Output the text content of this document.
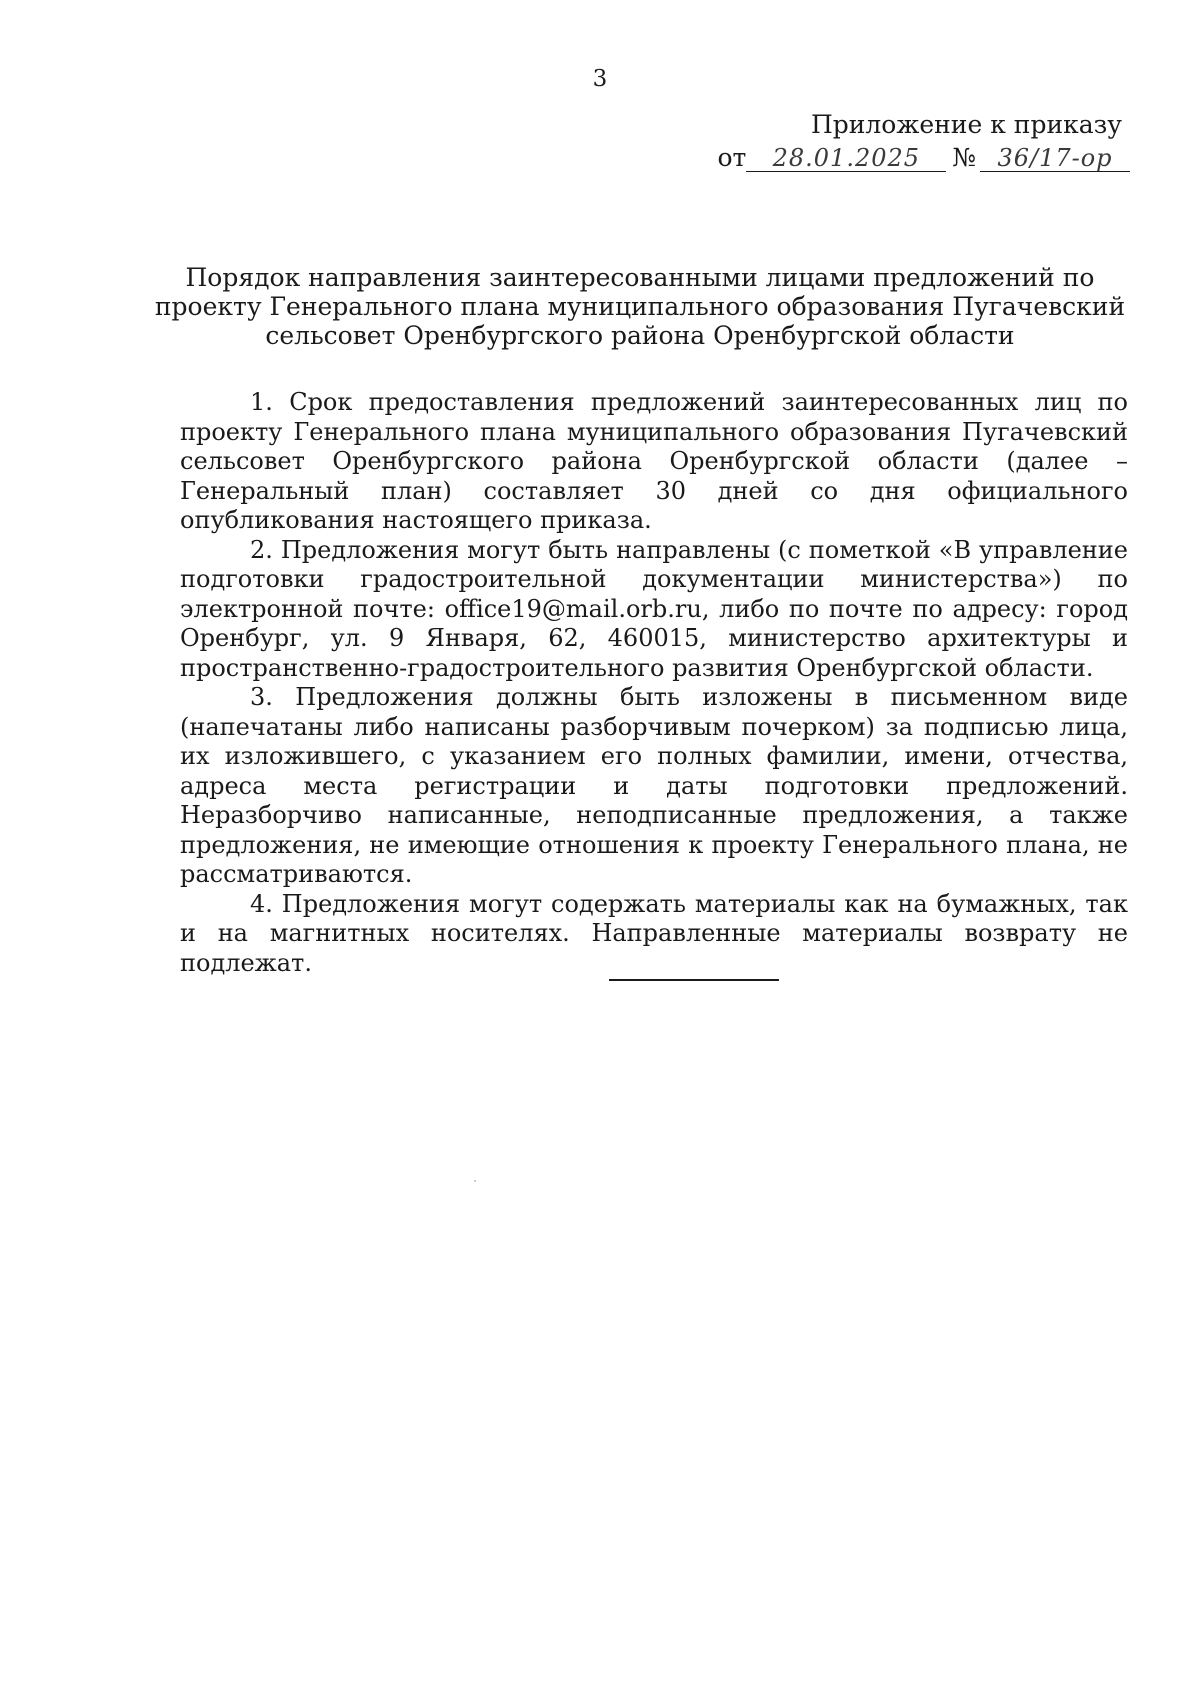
3
Приложение к приказу
от	28.01.2025	№ 36/17-ор
Порядок направления заинтересованными лицами предложений по
проекту Генерального плана муниципального образования Пугачевский
сельсовет Оренбургского района Оренбургской области

1. Срок предоставления предложений заинтересованных лиц по проекту Генерального плана муниципального образования Пугачевский сельсовет Оренбургского района Оренбургской области (далее – Генеральный план) составляет 30 дней со дня официального опубликования настоящего приказа.

2. Предложения могут быть направлены (с пометкой «В управление подготовки градостроительной документации министерства») по электронной почте: office19@mail.orb.ru, либо по почте по адресу: город Оренбург, ул. 9 Января, 62, 460015, министерство архитектуры и пространственно-градостроительного развития Оренбургской области.

3. Предложения должны быть изложены в письменном виде (напечатаны либо написаны разборчивым почерком) за подписью лица, их изложившего, с указанием его полных фамилии, имени, отчества, адреса места регистрации и даты подготовки предложений. Неразборчиво написанные, неподписанные предложения, а также предложения, не имеющие отношения к проекту Генерального плана, не рассматриваются.

4. Предложения могут содержать материалы как на бумажных, так и на магнитных носителях. Направленные материалы возврату не подлежат.
